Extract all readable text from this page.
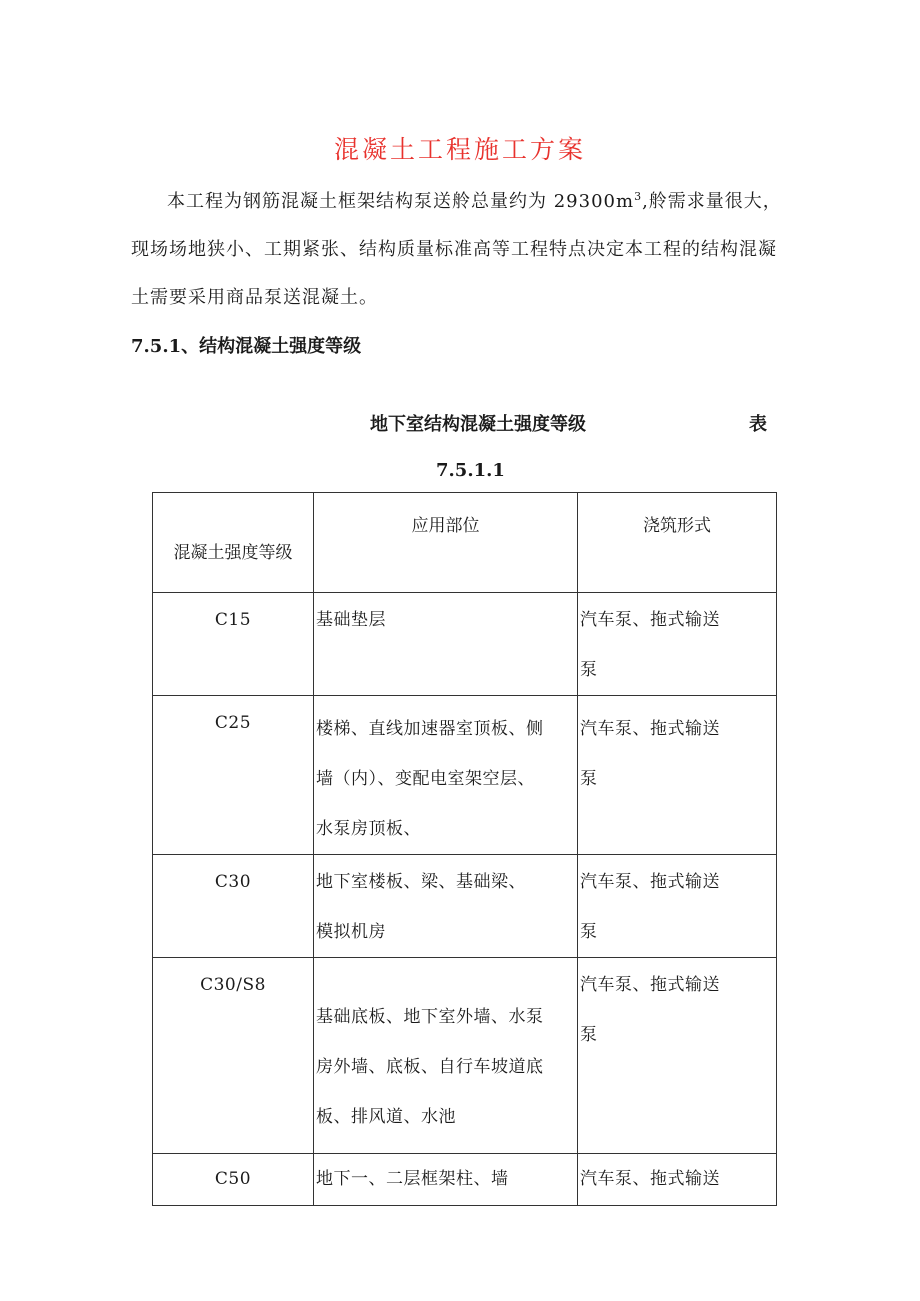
混凝土工程施工方案
本工程为钢筋混凝土框架结构泵送舲总量约为 $29300m^3$,舲需求量很大，
现场场地狭小、工期紧张、结构质量标准高等工程特点决定本工程的结构混凝
土需要采用商品泵送混凝土。
7.5.1、结构混凝土强度等级
地下室结构混凝土强度等级	表
7.5.1.1
混凝土强度等级	应用部位	浇筑形式

C15	基础垫层	汽车泵、拖式输送
泵

C25	楼梯、直线加速器室顶板、侧
墙（内）、变配电室架空层、
水泵房顶板、	汽车泵、拖式输送
泵

C30	地下室楼板、梁、基础梁、
模拟机房	汽车泵、拖式输送
泵

C30/S8	基础底板、地下室外墙、水泵
房外墙、底板、自行车坡道底
板、排风道、水池	汽车泵、拖式输送
泵

C50	地下一、二层框架柱、墙	汽车泵、拖式输送
